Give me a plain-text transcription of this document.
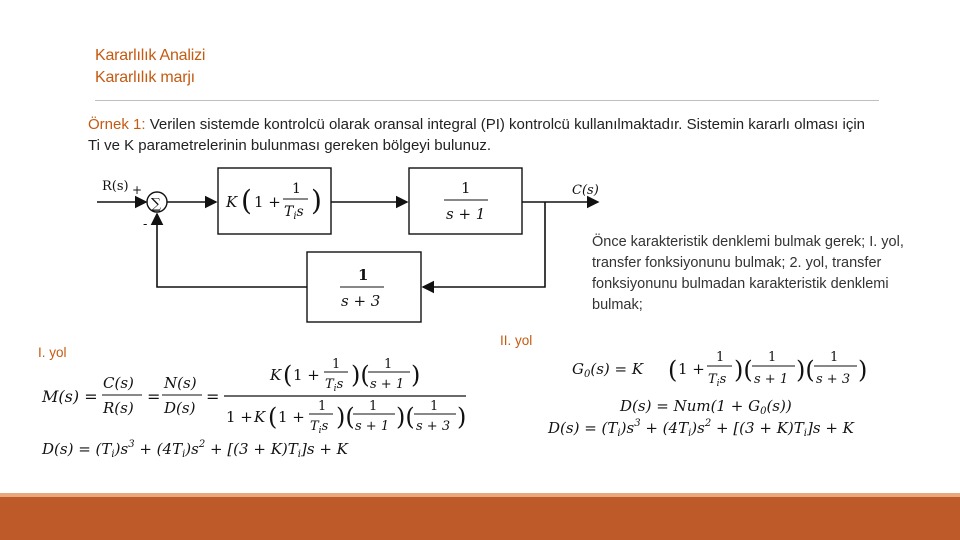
Kararlılık Analizi
Kararlılık marjı
Örnek 1: Verilen sistemde kontrolcü olarak oransal integral (PI) kontrolcü kullanılmaktadır. Sistemin kararlı olması için Ti ve K parametrelerinin bulunması gereken bölgeyi bulunuz.
Önce karakteristik denklemi bulmak gerek; I. yol, transfer fonksiyonunu bulmak; 2. yol, transfer fonksiyonunu bulmadan karakteristik denklemi bulmak;
I. yol
II. yol
R(s) +
-
∑	K ( 1 +
1
$T_is$ )	1
s + 1
C(s)
1
s + 3
M(s) =
C(s)
R(s)
=
N(s)
D(s)
=
K ( 1 +
1
$T_is$ )( 1
s + 1 )
1 + K ( 1 +
1
$T_is$ )( 1
s + 1 )( 1
s + 3 )
$D(s) = (T_i)s^3 + (4T_i)s^2 + [(3 + K)T_i]s + K$
$G_0(s) = K$ ( 1 +
1
$T_is$ )( 1
s + 1 )( 1
s + 3 )
$D(s) = Num(1 + G_0(s))$
$D(s) = (T_i)s^3 + (4T_i)s^2 + [(3 + K)T_i]s + K$
